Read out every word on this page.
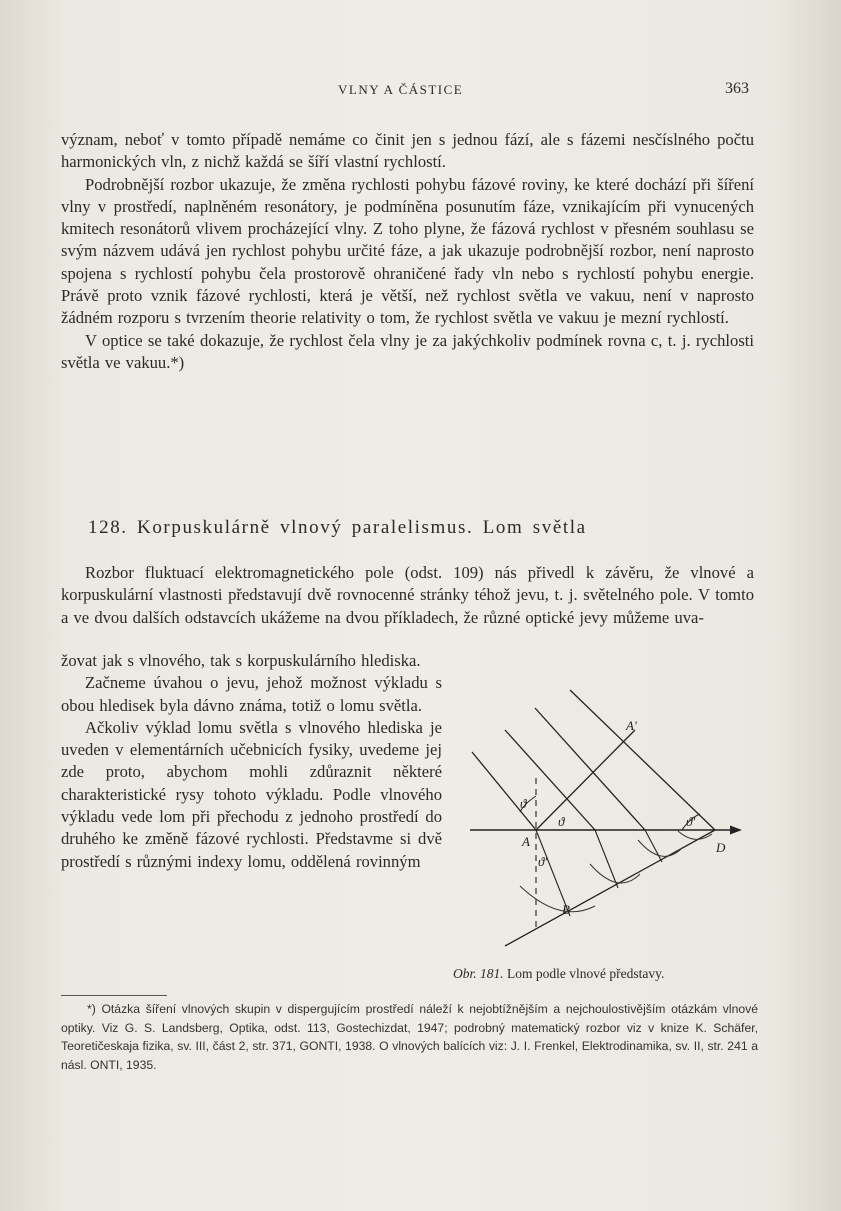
VLNY A ČÁSTICE	363

význam, neboť v tomto případě nemáme co činit jen s jednou fází, ale s fázemi nesčíslného počtu harmonických vln, z nichž každá se šíří vlastní rychlostí.

Podrobnější rozbor ukazuje, že změna rychlosti pohybu fázové roviny, ke které dochází při šíření vlny v prostředí, naplněném resonátory, je podmíněna posunutím fáze, vznikajícím při vynucených kmitech resonátorů vlivem procházející vlny. Z toho plyne, že fázová rychlost v přesném souhlasu se svým názvem udává jen rychlost pohybu určité fáze, a jak ukazuje podrobnější rozbor, není naprosto spojena s rychlostí pohybu čela prostorově ohraničené řady vln nebo s rychlostí pohybu energie. Právě proto vznik fázové rychlosti, která je větší, než rychlost světla ve vakuu, není v naprosto žádném rozporu s tvrzením theorie relativity o tom, že rychlost světla ve vakuu je mezní rychlostí.

V optice se také dokazuje, že rychlost čela vlny je za jakýchkoliv podmínek rovna c, t. j. rychlosti světla ve vakuu.*)

128. Korpuskulárně vlnový paralelismus. Lom světla

Rozbor fluktuací elektromagnetického pole (odst. 109) nás přivedl k závěru, že vlnové a korpuskulární vlastnosti představují dvě rovnocenné stránky téhož jevu, t. j. světelného pole. V tomto a ve dvou dalších odstavcích ukážeme na dvou příkladech, že různé optické jevy můžeme uva-

žovat jak s vlnového, tak s korpuskulárního hlediska.

Začneme úvahou o jevu, jehož možnost výkladu s obou hledisek byla dávno známa, totiž o lomu světla.

Ačkoliv výklad lomu světla s vlnového hlediska je uveden v elementárních učebnicích fysiky, uvedeme jej zde proto, abychom mohli zdůraznit některé charakteristické rysy tohoto výkladu. Podle vlnového výkladu vede lom při přechodu z jednoho prostředí do druhého ke změně fázové rychlosti. Představme si dvě prostředí s různými indexy lomu, oddělená rovinným

A'
ϑ
ϑ	ϑ'
A
ϑ'
D
B
Obr. 181. Lom podle vlnové představy.

*) Otázka šíření vlnových skupin v dispergujícím prostředí náleží k nejobtížnějším a nejchoulostivějším otázkám vlnové optiky. Viz G. S. Landsberg, Optika, odst. 113, Gostechizdat, 1947; podrobný matematický rozbor viz v knize K. Schäfer, Teoretičeskaja fizika, sv. III, část 2, str. 371, GONTI, 1938. O vlnových balících viz: J. I. Frenkel, Elektrodinamika, sv. II, str. 241 a násl. ONTI, 1935.
